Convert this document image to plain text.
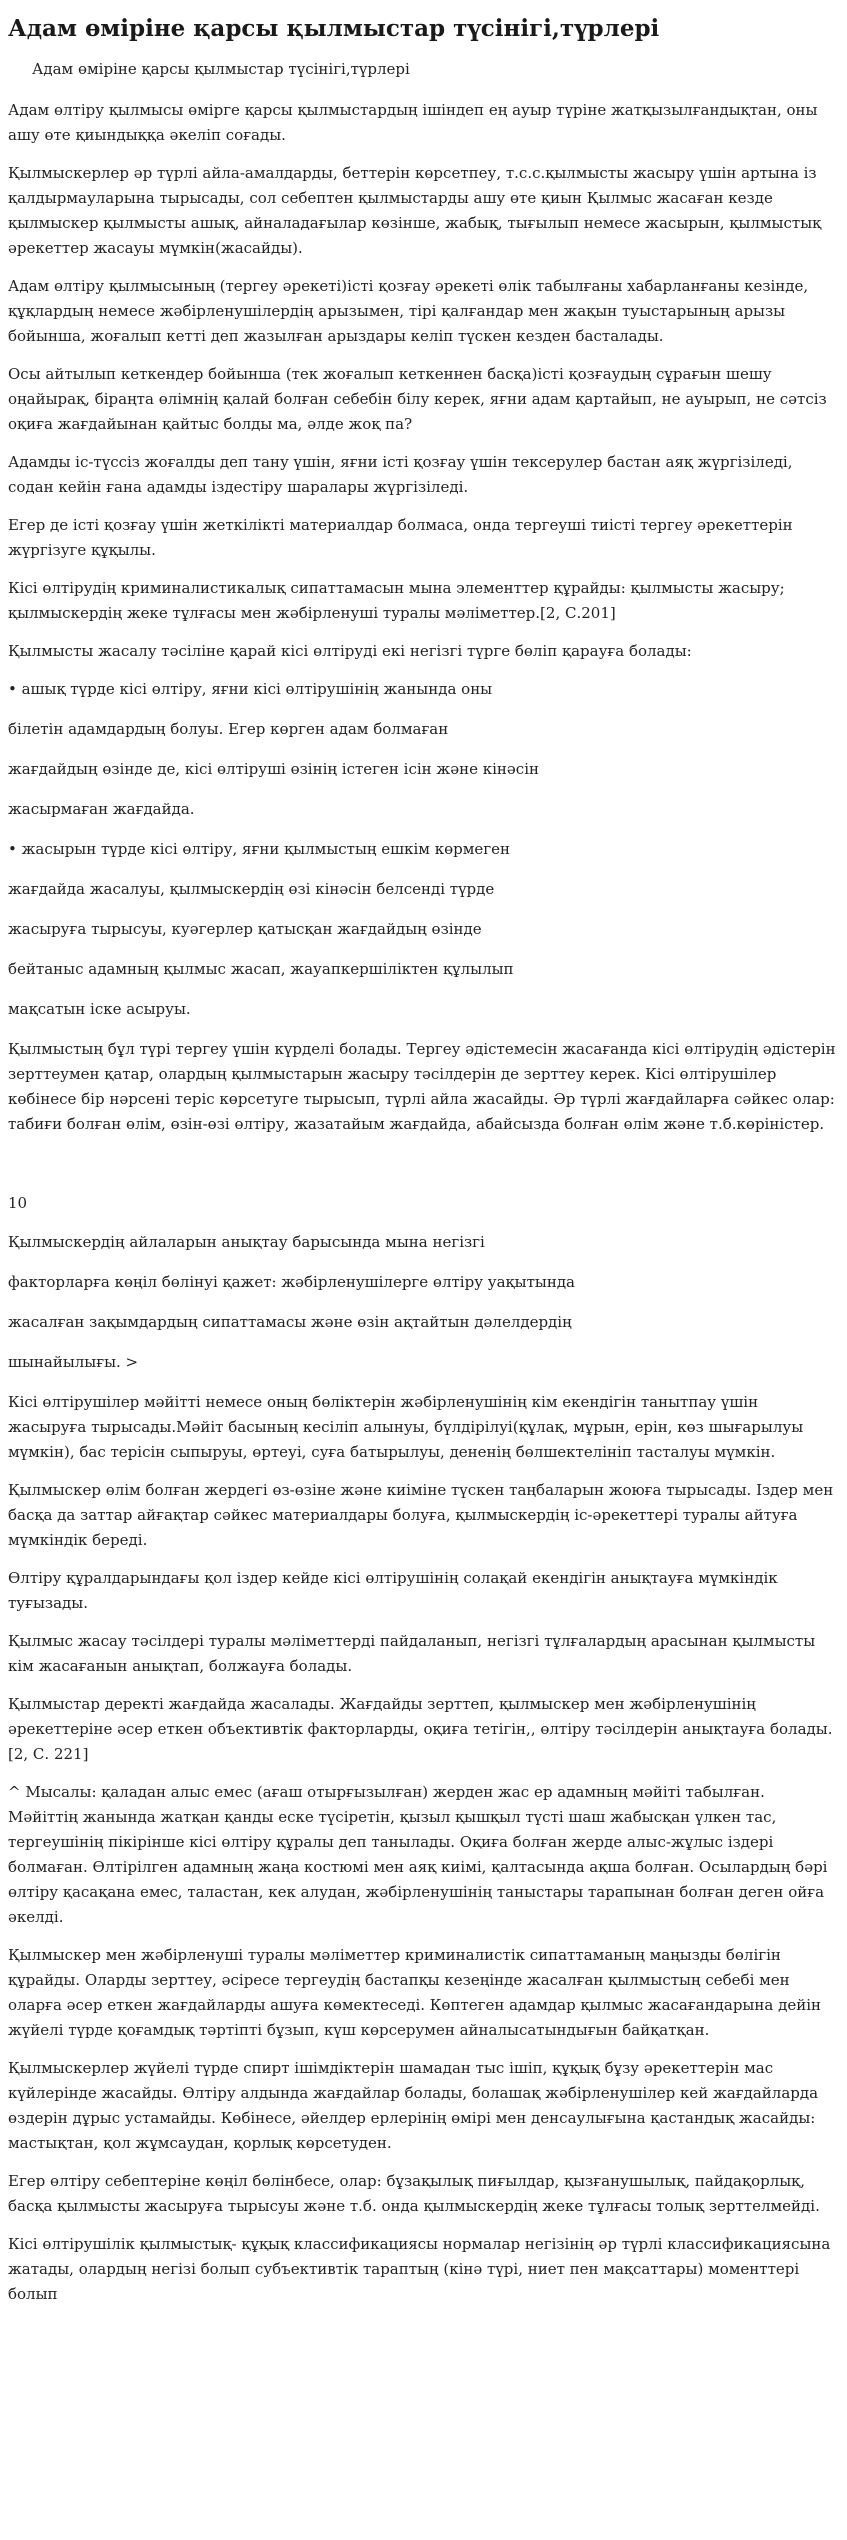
Адам өміріне қарсы қылмыстар түсінігі,түрлері
Адам өміріне қарсы қылмыстар түсінігі,түрлері

Адам өлтіру қылмысы өмірге қарсы қылмыстардың ішіндеп ең ауыр түріне жатқызылғандықтан, оны ашу өте қиындыққа әкеліп соғады.

Қылмыскерлер әр түрлі айла-амалдарды, беттерін көрсетпеу, т.с.с.қылмысты жасыру үшін артына із қалдырмауларына тырысады, сол себептен қылмыстарды ашу өте қиын Қылмыс жасаған кезде қылмыскер қылмысты ашық, айналадағылар көзінше, жабық, тығылып немесе жасырын, қылмыстық әрекеттер жасауы мүмкін(жасайды).

Адам өлтіру қылмысының (тергеу әрекеті)істі қозғау әрекеті өлік табылғаны хабарланғаны кезінде, құқлардың немесе жәбірленушілердің арызымен, тірі қалғандар мен жақын туыстарының арызы бойынша, жоғалып кетті деп жазылған арыздары келіп түскен кезден басталады.

Осы айтылып кеткендер бойынша (тек жоғалып кеткеннен басқа)істі қозғаудың сұрағын шешу оңайырақ, біраңта өлімнің қалай болған себебін білу керек, яғни адам қартайып, не ауырып, не сәтсіз оқиға жағдайынан қайтыс болды ма, әлде жоқ па?

Адамды іс-түссіз жоғалды деп тану үшін, яғни істі қозғау үшін тексерулер бастан аяқ жүргізіледі, содан кейін ғана адамды іздестіру шаралары жүргізіледі.

Егер де істі қозғау үшін жеткілікті материалдар болмаса, онда тергеуші тиісті тергеу әрекеттерін жүргізуге құқылы.

Кісі өлтірудің криминалистикалық сипаттамасын мына элементтер құрайды: қылмысты жасыру; қылмыскердің жеке тұлғасы мен жәбірленуші туралы мәліметтер.[2, С.201]

Қылмысты жасалу тәсіліне қарай кісі өлтіруді екі негізгі түрге бөліп қарауға болады:

• ашық түрде кісі өлтіру, яғни кісі өлтірушінің жанында оны

білетін адамдардың болуы. Егер көрген адам болмаған

жағдайдың өзінде де, кісі өлтіруші өзінің істеген ісін және кінәсін

жасырмаған жағдайда.

• жасырын түрде кісі өлтіру, яғни қылмыстың ешкім көрмеген

жағдайда жасалуы, қылмыскердің өзі кінәсін белсенді түрде

жасыруға тырысуы, куәгерлер қатысқан жағдайдың өзінде

бейтаныс адамның қылмыс жасап, жауапкершіліктен құлылып

мақсатын іске асыруы.

Қылмыстың бұл түрі тергеу үшін күрделі болады. Тергеу әдістемесін жасағанда кісі өлтірудің әдістерін зерттеумен қатар, олардың қылмыстарын жасыру тәсілдерін де зерттеу керек. Кісі өлтірушілер көбінесе бір нәрсені теріс көрсетуге тырысып, түрлі айла жасайды. Әр түрлі жағдайларға сәйкес олар: табиғи болған өлім, өзін-өзі өлтіру, жазатайым жағдайда, абайсызда болған өлім және т.б.көріністер.

10

Қылмыскердің айлаларын анықтау барысында мына негізгі

факторларға көңіл бөлінуі қажет: жәбірленушілерге өлтіру уақытында

жасалған зақымдардың сипаттамасы және өзін ақтайтын дәлелдердің

шынайылығы. >

Кісі өлтірушілер мәйітті немесе оның бөліктерін жәбірленушінің кім екендігін танытпау үшін жасыруға тырысады.Мәйіт басының кесіліп алынуы, бүлдірілуі(құлақ, мұрын, ерін, көз шығарылуы мүмкін), бас терісін сыпыруы, өртеуі, суға батырылуы, дененің бөлшектелініп тасталуы мүмкін.

Қылмыскер өлім болған жердегі өз-өзіне және киіміне түскен таңбаларын жоюға тырысады. Іздер мен басқа да заттар айғақтар сәйкес материалдары болуға, қылмыскердің іс-әрекеттері туралы айтуға мүмкіндік береді.

Өлтіру құралдарындағы қол іздер кейде кісі өлтірушінің солақай екендігін анықтауға мүмкіндік туғызады.

Қылмыс жасау тәсілдері туралы мәліметтерді пайдаланып, негізгі тұлғалардың арасынан қылмысты кім жасағанын анықтап, болжауға болады.

Қылмыстар деректі жағдайда жасалады. Жағдайды зерттеп, қылмыскер мен жәбірленушінің әрекеттеріне әсер еткен объективтік факторларды, оқиға тетігін,, өлтіру тәсілдерін анықтауға болады.[2, С. 221]

^ Мысалы: қаладан алыс емес (ағаш отырғызылған) жерден жас ер адамның мәйіті табылған. Мәйіттің жанында жатқан қанды еске түсіретін, қызыл қышқыл түсті шаш жабысқан үлкен тас, тергеушінің пікірінше кісі өлтіру құралы деп танылады. Оқиға болған жерде алыс-жұлыс іздері болмаған. Өлтірілген адамның жаңа костюмі мен аяқ киімі, қалтасында ақша болған. Осылардың бәрі өлтіру қасақана емес, таластан, кек алудан, жәбірленушінің таныстары тарапынан болған деген ойға әкелді.

Қылмыскер мен жәбірленуші туралы мәліметтер криминалистік сипаттаманың маңызды бөлігін құрайды. Оларды зерттеу, әсіресе тергеудің бастапқы кезеңінде жасалған қылмыстың себебі мен оларға әсер еткен жағдайларды ашуға көмектеседі. Көптеген адамдар қылмыс жасағандарына дейін жүйелі түрде қоғамдық тәртіпті бұзып, күш көрсерумен айналысатындығын байқатқан.

Қылмыскерлер жүйелі түрде спирт ішімдіктерін шамадан тыс ішіп, құқық бұзу әрекеттерін мас күйлерінде жасайды. Өлтіру алдында жағдайлар болады, болашақ жәбірленушілер кей жағдайларда өздерін дұрыс устамайды. Көбінесе, әйелдер ерлерінің өмірі мен денсаулығына қастандық жасайды: мастықтан, қол жұмсаудан, қорлық көрсетуден.

Егер өлтіру себептеріне көңіл бөлінбесе, олар: бұзақылық пиғылдар, қызғанушылық, пайдақорлық, басқа қылмысты жасыруға тырысуы және т.б. онда қылмыскердің жеке тұлғасы толық зерттелмейді.

Кісі өлтірушілік қылмыстық- құқық классификациясы нормалар негізінің әр түрлі классификациясына жатады, олардың негізі болып субъективтік тараптың (кінә түрі, ниет пен мақсаттары) моменттері болып
